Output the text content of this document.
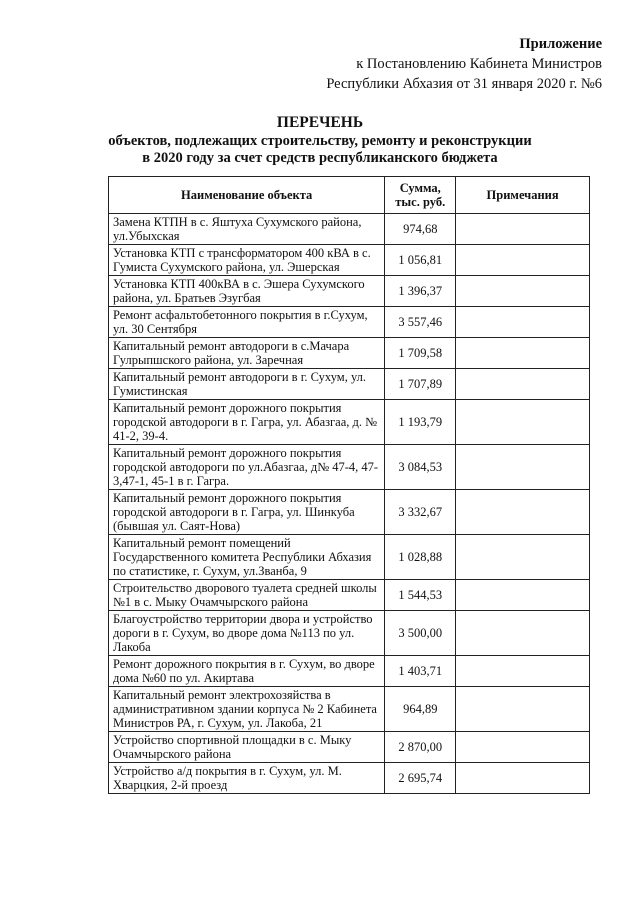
Приложение
к Постановлению Кабинета Министров
Республики Абхазия от 31 января 2020 г. №6
ПЕРЕЧЕНЬ
объектов, подлежащих строительству, ремонту и реконструкции
в 2020 году за счет средств республиканского бюджета
Наименование объекта	Сумма, тыс. руб.	Примечания
Замена КТПН в с. Яштуха Сухумского района, ул.Убыхская	974,68	
Установка КТП с трансформатором 400 кВА в с. Гумиста Сухумского района, ул. Эшерская	1 056,81	
Установка КТП 400кВА в с. Эшера Сухумского района, ул. Братьев Эзугбая	1 396,37	
Ремонт асфальтобетонного покрытия в г.Сухум, ул. 30 Сентября	3 557,46	
Капитальный ремонт автодороги в с.Мачара Гулрыпшского района, ул. Заречная	1 709,58	
Капитальный ремонт автодороги в г. Сухум, ул. Гумистинская	1 707,89	
Капитальный ремонт дорожного покрытия городской автодороги в г. Гагра, ул. Абазгаа, д. № 41-2, 39-4.	1 193,79	
Капитальный ремонт дорожного покрытия городской автодороги по ул.Абазгаа, д№ 47-4, 47-3,47-1, 45-1 в г. Гагра.	3 084,53	
Капитальный ремонт дорожного покрытия городской автодороги в г. Гагра, ул. Шинкуба (бывшая ул. Саят-Нова)	3 332,67	
Капитальный ремонт помещений Государственного комитета Республики Абхазия по статистике, г. Сухум, ул.Званба, 9	1 028,88	
Строительство дворового туалета средней школы №1 в с. Мыку Очамчырского района	1 544,53	
Благоустройство территории двора и устройство дороги в г. Сухум, во дворе дома №113 по ул. Лакоба	3 500,00	
Ремонт дорожного покрытия в г. Сухум, во дворе дома №60 по ул. Акиртава	1 403,71	
Капитальный ремонт электрохозяйства в административном здании корпуса № 2 Кабинета Министров РА, г. Сухум, ул. Лакоба, 21	964,89	
Устройство спортивной площадки в с. Мыку Очамчырского района	2 870,00	
Устройство а/д покрытия в г. Сухум, ул. М. Хварцкия, 2-й проезд	2 695,74	
